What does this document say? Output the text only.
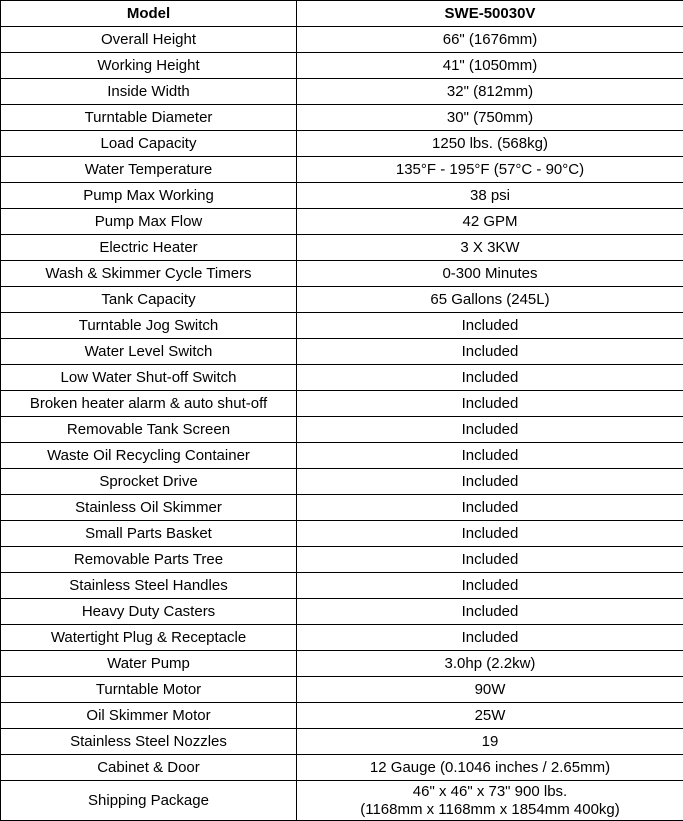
Model	SWE-50030V
Overall Height	66" (1676mm)
Working Height	41" (1050mm)
Inside Width	32" (812mm)
Turntable Diameter	30" (750mm)
Load Capacity	1250 lbs. (568kg)
Water Temperature	135°F - 195°F (57°C - 90°C)
Pump Max Working	38 psi
Pump Max Flow	42 GPM
Electric Heater	3 X 3KW
Wash & Skimmer Cycle Timers	0-300 Minutes
Tank Capacity	65 Gallons (245L)
Turntable Jog Switch	Included
Water Level Switch	Included
Low Water Shut-off Switch	Included
Broken heater alarm & auto shut-off	Included
Removable Tank Screen	Included
Waste Oil Recycling Container	Included
Sprocket Drive	Included
Stainless Oil Skimmer	Included
Small Parts Basket	Included
Removable Parts Tree	Included
Stainless Steel Handles	Included
Heavy Duty Casters	Included
Watertight Plug & Receptacle	Included
Water Pump	3.0hp (2.2kw)
Turntable Motor	90W
Oil Skimmer Motor	25W
Stainless Steel Nozzles	19
Cabinet & Door	12 Gauge (0.1046 inches / 2.65mm)
Shipping Package	46" x 46" x 73" 900 lbs.
(1168mm x 1168mm x 1854mm 400kg)
